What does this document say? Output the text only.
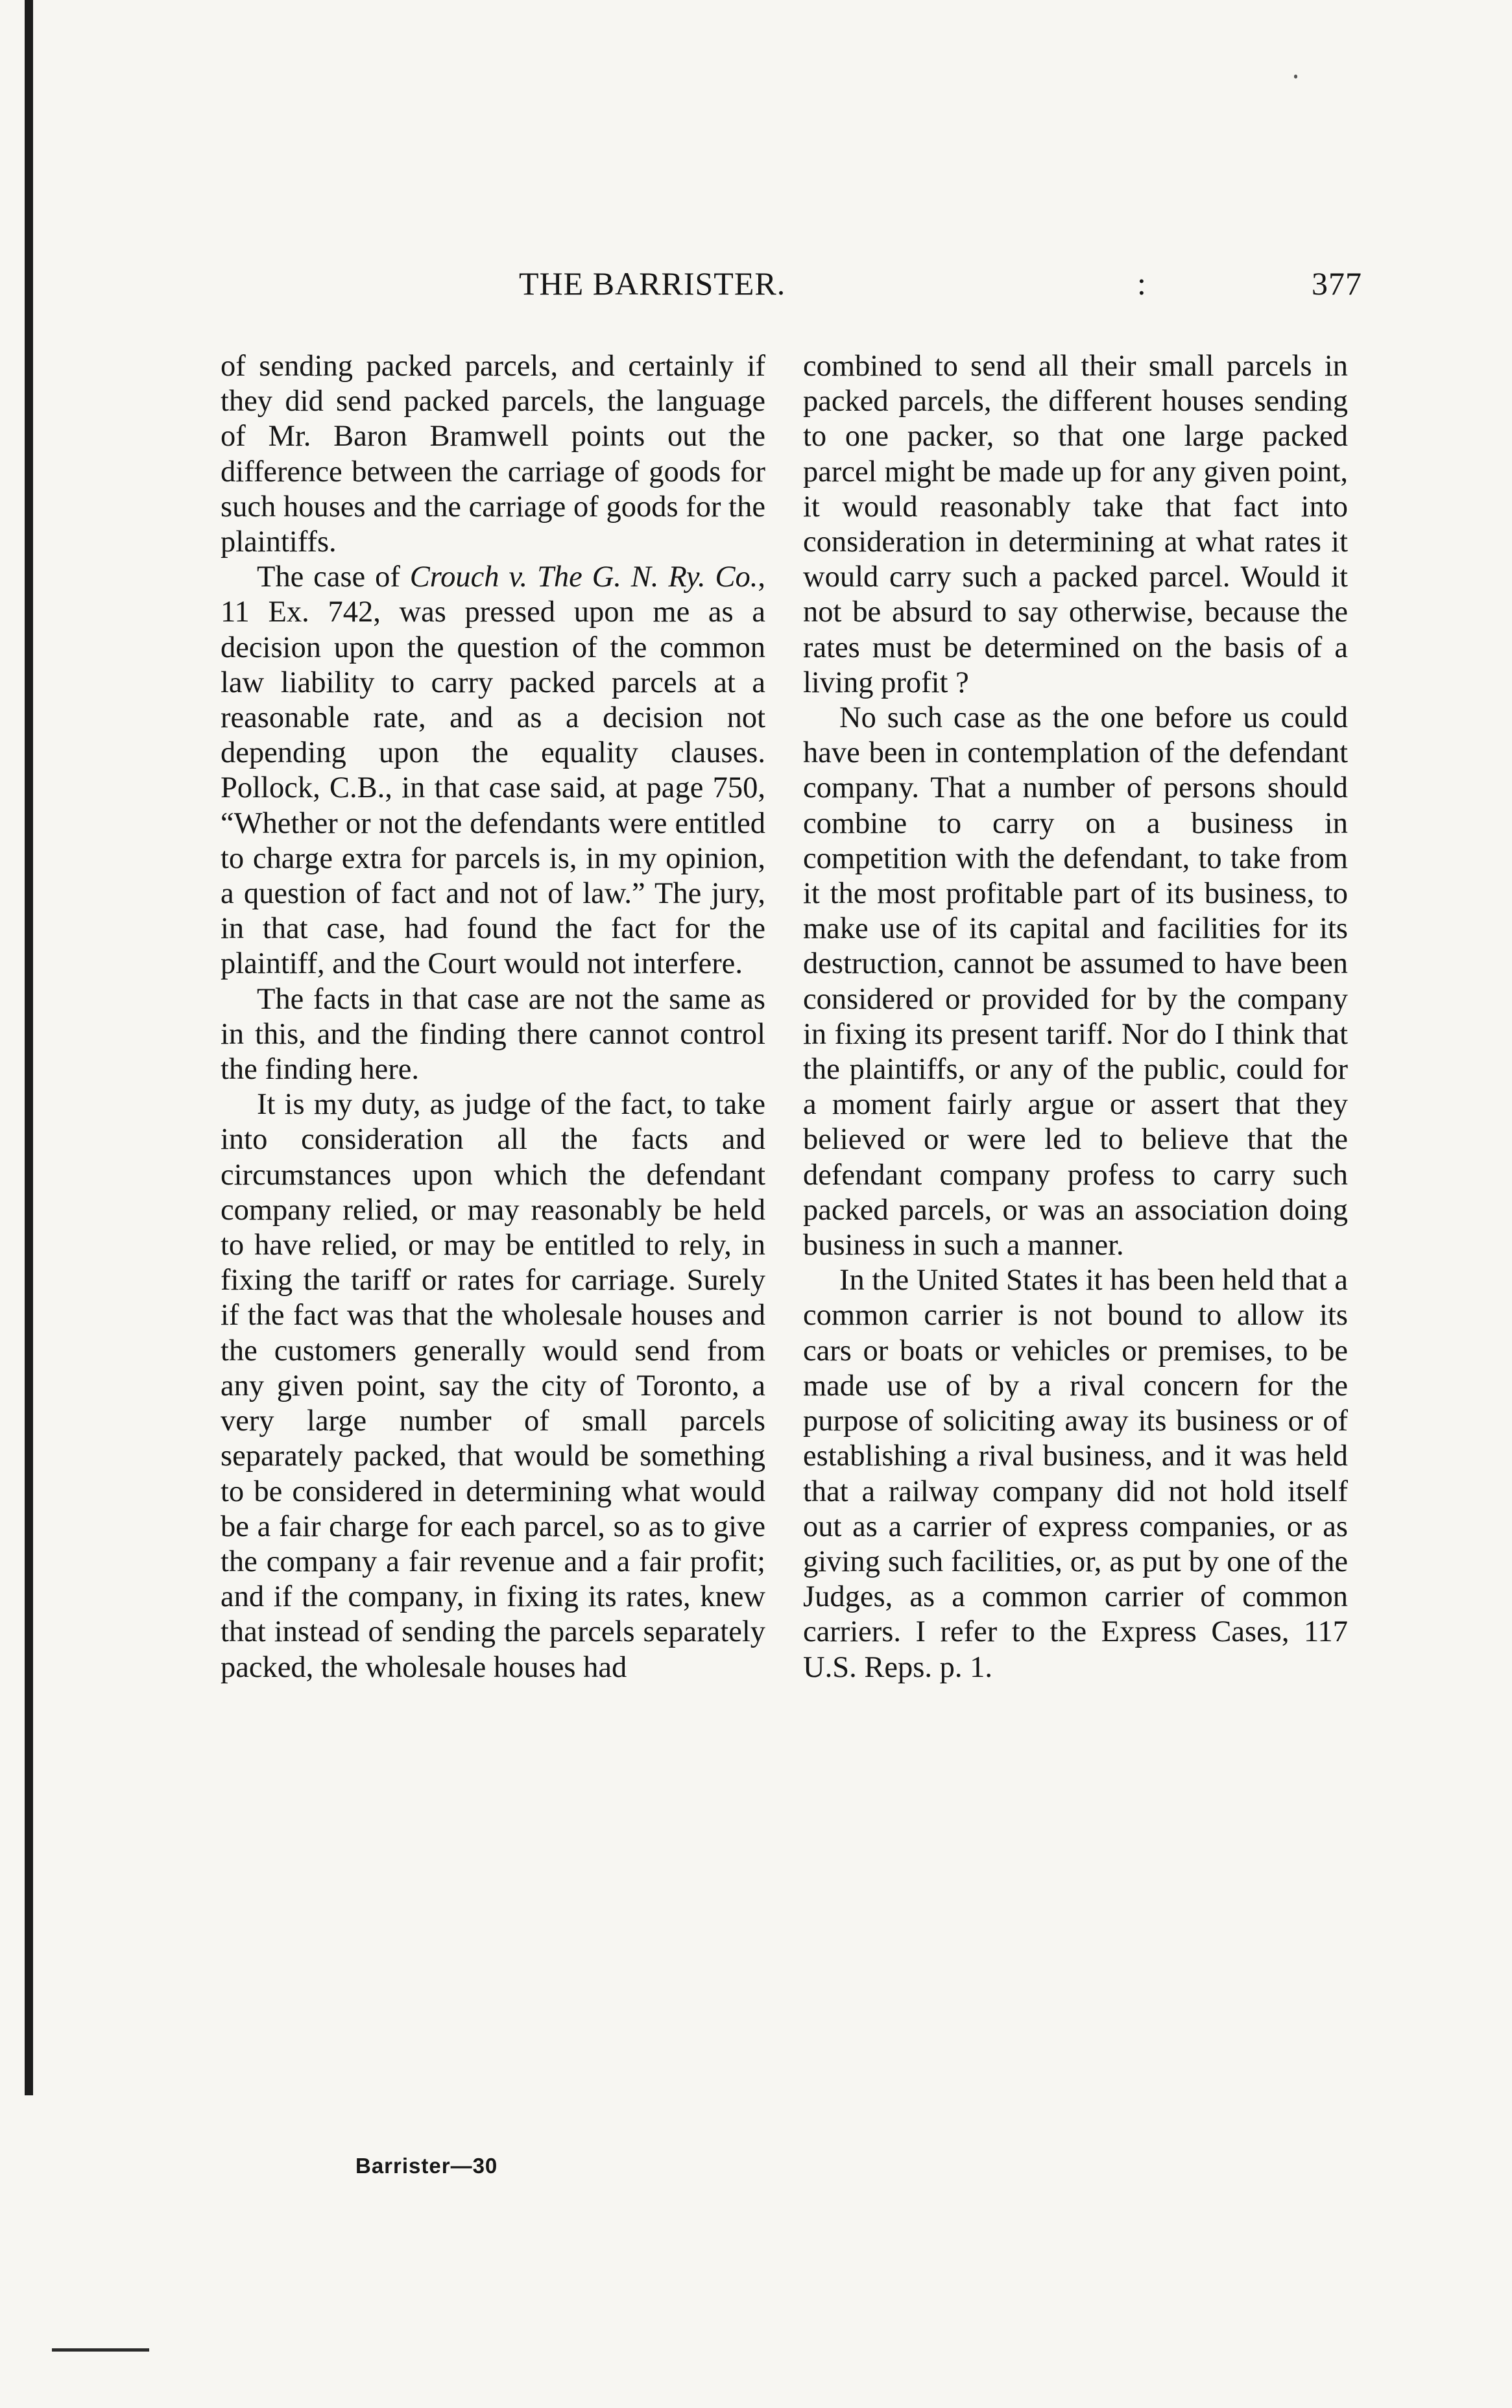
THE BARRISTER.	:	377

of sending packed parcels, and certainly if they did send packed parcels, the language of Mr. Baron Bramwell points out the difference between the carriage of goods for such houses and the carriage of goods for the plaintiffs.

The case of Crouch v. The G. N. Ry. Co., 11 Ex. 742, was pressed upon me as a decision upon the question of the common law liability to carry packed parcels at a reasonable rate, and as a decision not depending upon the equality clauses. Pollock, C.B., in that case said, at page 750, “Whether or not the defendants were entitled to charge extra for parcels is, in my opinion, a question of fact and not of law.” The jury, in that case, had found the fact for the plaintiff, and the Court would not interfere.

The facts in that case are not the same as in this, and the finding there cannot control the finding here.

It is my duty, as judge of the fact, to take into consideration all the facts and circumstances upon which the defendant company relied, or may reasonably be held to have relied, or may be entitled to rely, in fixing the tariff or rates for carriage. Surely if the fact was that the wholesale houses and the customers generally would send from any given point, say the city of Toronto, a very large number of small parcels separately packed, that would be something to be considered in determining what would be a fair charge for each parcel, so as to give the company a fair revenue and a fair profit; and if the company, in fixing its rates, knew that instead of sending the parcels separately packed, the wholesale houses had

combined to send all their small parcels in packed parcels, the different houses sending to one packer, so that one large packed parcel might be made up for any given point, it would reasonably take that fact into consideration in determining at what rates it would carry such a packed parcel. Would it not be absurd to say otherwise, because the rates must be determined on the basis of a living profit ?

No such case as the one before us could have been in contemplation of the defendant company. That a number of persons should combine to carry on a business in competition with the defendant, to take from it the most profitable part of its business, to make use of its capital and facilities for its destruction, cannot be assumed to have been considered or provided for by the company in fixing its present tariff. Nor do I think that the plaintiffs, or any of the public, could for a moment fairly argue or assert that they believed or were led to believe that the defendant company profess to carry such packed parcels, or was an association doing business in such a manner.

In the United States it has been held that a common carrier is not bound to allow its cars or boats or vehicles or premises, to be made use of by a rival concern for the purpose of soliciting away its business or of establishing a rival business, and it was held that a railway company did not hold itself out as a carrier of express companies, or as giving such facilities, or, as put by one of the Judges, as a common carrier of common carriers. I refer to the Express Cases, 117 U.S. Reps. p. 1.

Barrister—30
